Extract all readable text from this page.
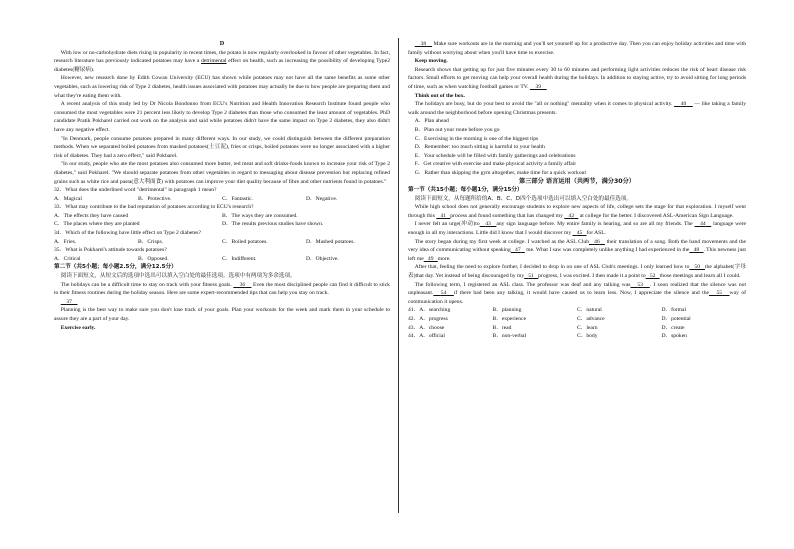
D

With low or no-carbohydrate diets rising in popularity in recent times, the potato is now regularly overlooked in favour of other vegetables. In fact, research literature has previously indicated potatoes may have a detrimental effect on health, such as increasing the possibility of developing Type2 diabetes(糖尿病).

However, new research done by Edith Cowan University (ECU) has shown while potatoes may not have all the same benefits as some other vegetables, such as lowering risk of Type 2 diabetes, health issues associated with potatoes may actually be due to how people are preparing them and what they're eating them with.

A recent analysis of this study led by Dr Nicola Bondonno from ECU's Nutrition and Health Innovation Research Institute found people who consumed the most vegetables were 21 percent less likely to develop Type 2 diabetes than those who consumed the least amount of vegetables. PhD candidate Pratik Pokharel carried out work on the analysis and said while potatoes didn't have the same impact on Type 2 diabetes, they also didn't have any negative effect.

"In Denmark, people consume potatoes prepared in many different ways. In our study, we could distinguish between the different preparation methods. When we separated boiled potatoes from mashed potatoes(土豆泥), fries or crisps, boiled potatoes were no longer associated with a higher risk of diabetes. They had a zero effect," said Pokharel.

"In our study, people who ate the most potatoes also consumed more butter, red meat and soft drinks-foods known to increase your risk of Type 2 diabetes," said Pokharel. "We should separate potatoes from other vegetables in regard to messaging about disease prevention but replacing refined grains such as white rice and pasta(意大利面食) with potatoes can improve your diet quality because of fibre and other nutrients found in potatoes."

32．What does the underlined word "detrimental" in paragraph 1 mean?

A．Magical	B．Protective.	C．Fantastic.	D．Negative.

33．What may contribute to the bad reputation of potatoes according to ECU's research?

A．The effects they have caused	B．The ways they are consumed.
C．The places where they are planted	D．The results previous studies have shown.

34．Which of the following have little effect on Type 2 diabetes?

A．Fries.	B．Crisps.	C．Boiled potatoes.	D．Mashed potatoes.

35．What is Pokharel's attitude towards potatoes?

A．Critical	B．Opposed.	C．Indifferent.	D．Objective.

第二节（共5小题；每小题2.5分，满分12.5分）

阅读下面短文，从短文后的选项中选出可以填入空白处的最佳选项。选项中有两项为多余选项。

The holidays can be a difficult time to stay on track with your fitness goals. 36 Even the most disciplined people can find it difficult to stick to their fitness routines during the holiday season. Here are some expert-recommended tips that can help you stay on track.

37

Planning is the best way to make sure you don't lose track of your goals. Plan your workouts for the week and mark them in your schedule to assure they are a part of your day.

Exercise early.

38 Make sure workouts are in the morning and you'll set yourself up for a productive day. Then you can enjoy holiday activities and time with family without worrying about when you'll have time to exercise.

Keep moving.

Research shows that getting up for just five minutes every 30 to 60 minutes and performing light activities reduces the risk of heart disease risk factors. Small efforts to get moving can help your overall health during the holidays. In addition to staying active, try to avoid sitting for long periods of time, such as when watching football games or TV. 39

Think out of the box.

The holidays are busy, but do your best to avoid the "all or nothing" mentality when it comes to physical activity. 40 — like taking a family walk around the neighborhood before opening Christmas presents.

A．Plan ahead

B．Plan out your route before you go

C．Exercising in the morning is one of the biggest tips

D．Remember: too much sitting is harmful to your health

E．Your schedule will be filled with family gatherings and celebrations

F．Get creative with exercise and make physical activity a family affair

G．Rather than skipping the gym altogether, make time for a quick workout

第三部分 语言运用（共两节，满分30分）

第一节（共15小题；每小题1分，满分15分）

阅读下面短文，从每题所给的A、B、C、D四个选项中选出可以填入空白处的最佳选项。

While high school does not generally encourage students to explore new aspects of life, college sets the stage for that exploration. I myself went through this 41 process and found something that has changed my 42 at college for the better. I discovered ASL-American Sign Language.

I never felt an urge(冲动)to 43 any sign language before. My entire family is hearing, and so are all my friends. The 44 language were enough in all my interactions. Little did I know that I would discover my 45 for ASL.

The story began during my first week at college. I watched as the ASL Club 46 their translation of a song. Both the hand movements and the very idea of communicating without speaking 47 me. What I saw was completely unlike anything I had experienced in the 48 . This newness just left me 49 more.

After that, feeling the need to explore further, I decided to drop in on one of ASL Club's meetings. I only learned how to 50 the alphabet(字母表)that day. Yet instead of being discouraged by my 51 progress, I was excited. I then made it a point to 52 those meetings and learn all I could.

The following term, I registered an ASL class. The professor was deaf and any talking was 53 . I soon realized that the silence was not unpleasant. 54 if there had been any talking, it would have caused us to learn less. Now, I appreciate the silence and the 55 way of communication it opens.

41．A．searching	B．planning	C．natural	D．formal
42．A．progress	B．experience	C．advance	D．potential
43．A．choose	B．read	C．learn	D．create
44．A．official	B．non-verbal	C．body	D．spoken
